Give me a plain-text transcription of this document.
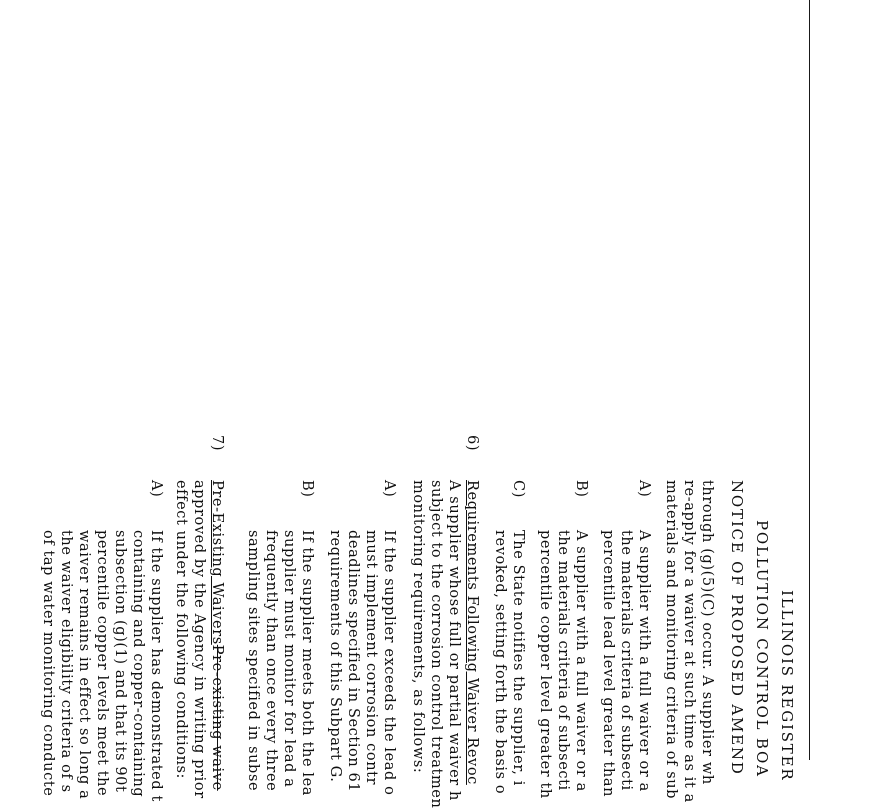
ILLINOIS REGISTER
POLLUTION CONTROL BOA
NOTICE OF PROPOSED AMEND
through (g)(5)(C) occur. A supplier wh
re-apply for a waiver at such time as it a
materials and monitoring criteria of sub
A)
A supplier with a full waiver or a
the materials criteria of subsecti
percentile lead level greater than
B)
A supplier with a full waiver or a
the materials criteria of subsecti
percentile copper level greater th
C)
The State notifies the supplier, i
revoked, setting forth the basis o
6)
Requirements Following Waiver Revoc
A supplier whose full or partial waiver h
subject to the corrosion control treatmen
monitoring requirements, as follows:
A)
If the supplier exceeds the lead o
must implement corrosion contr
deadlines specified in Section 61
requirements of this Subpart G.
B)
If the supplier meets both the lea
supplier must monitor for lead a
frequently than once every three
sampling sites specified in subse
7)
Pre-Existing WaiversPre-existing waive
approved by the Agency in writing prior
effect under the following conditions:
A)
If the supplier has demonstrated t
containing and copper-containing
subsection (g)(1) and that its 90t
percentile copper levels meet the
waiver remains in effect so long a
the waiver eligibility criteria of s
of tap water monitoring conducte
